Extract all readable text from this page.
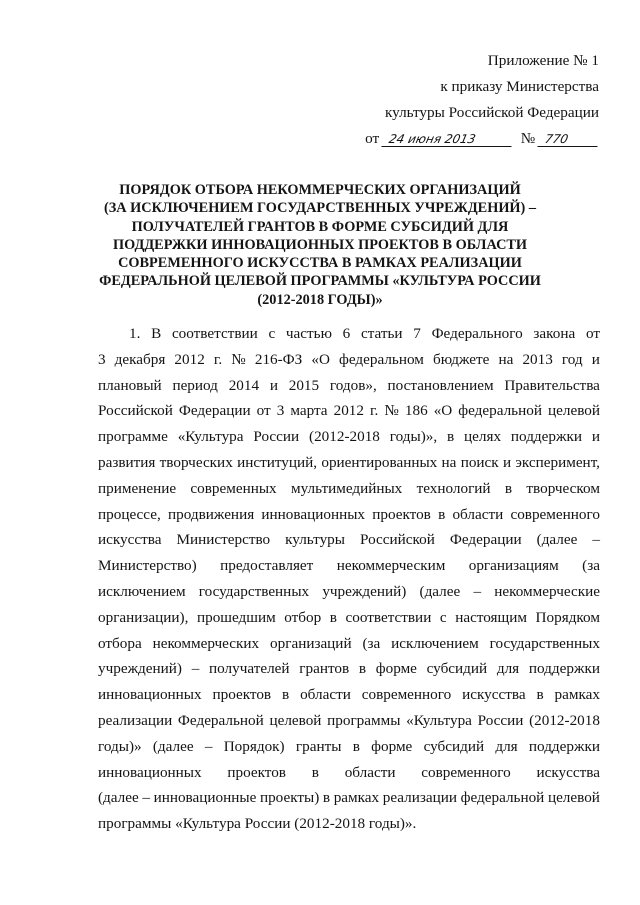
Приложение № 1
к приказу Министерства
культуры Российской Федерации
от 24 июня 2013	№ 770
ПОРЯДОК ОТБОРА НЕКОММЕРЧЕСКИХ ОРГАНИЗАЦИЙ
(ЗА ИСКЛЮЧЕНИЕМ ГОСУДАРСТВЕННЫХ УЧРЕЖДЕНИЙ) –
ПОЛУЧАТЕЛЕЙ ГРАНТОВ В ФОРМЕ СУБСИДИЙ ДЛЯ
ПОДДЕРЖКИ ИННОВАЦИОННЫХ ПРОЕКТОВ В ОБЛАСТИ
СОВРЕМЕННОГО ИСКУССТВА В РАМКАХ РЕАЛИЗАЦИИ
ФЕДЕРАЛЬНОЙ ЦЕЛЕВОЙ ПРОГРАММЫ «КУЛЬТУРА РОССИИ
(2012-2018 ГОДЫ)»
1. В соответствии с частью 6 статьи 7 Федерального закона от
3 декабря 2012 г. № 216-ФЗ «О федеральном бюджете на 2013 год и
плановый период 2014 и 2015 годов», постановлением Правительства
Российской Федерации от 3 марта 2012 г. № 186 «О федеральной целевой
программе «Культура России (2012-2018 годы)», в целях поддержки и
развития творческих институций, ориентированных на поиск и эксперимент,
применение современных мультимедийных технологий в творческом
процессе, продвижения инновационных проектов в области современного
искусства Министерство культуры Российской Федерации (далее –
Министерство) предоставляет некоммерческим организациям (за
исключением государственных учреждений) (далее – некоммерческие
организации), прошедшим отбор в соответствии с настоящим Порядком
отбора некоммерческих организаций (за исключением государственных
учреждений) – получателей грантов в форме субсидий для поддержки
инновационных проектов в области современного искусства в рамках
реализации Федеральной целевой программы «Культура России (2012-2018
годы)» (далее – Порядок) гранты в форме субсидий для поддержки
инновационных проектов в области современного искусства
(далее – инновационные проекты) в рамках реализации федеральной целевой
программы «Культура России (2012-2018 годы)».
